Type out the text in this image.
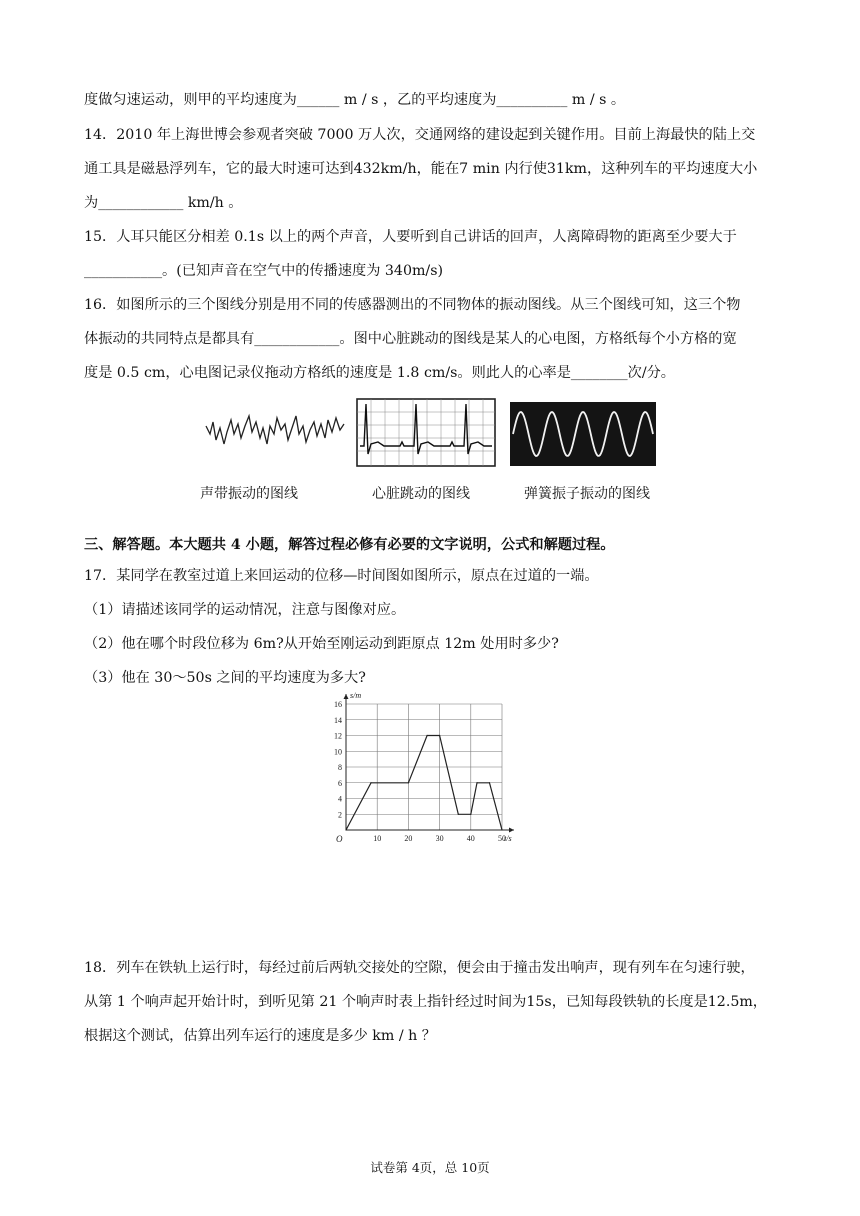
度做匀速运动，则甲的平均速度为______ m / s ，乙的平均速度为__________ m / s 。
14．2010 年上海世博会参观者突破 7000 万人次，交通网络的建设起到关键作用。目前上海最快的陆上交
通工具是磁悬浮列车，它的最大时速可达到432km/h，能在7 min 内行使31km，这种列车的平均速度大小
为____________ km/h 。
15．人耳只能区分相差 0.1s 以上的两个声音，人要听到自己讲话的回声，人离障碍物的距离至少要大于
___________。(已知声音在空气中的传播速度为 340m/s)
16．如图所示的三个图线分别是用不同的传感器测出的不同物体的振动图线。从三个图线可知，这三个物
体振动的共同特点是都具有____________。图中心脏跳动的图线是某人的心电图，方格纸每个小方格的宽
度是 0.5 cm，心电图记录仪拖动方格纸的速度是 1.8 cm/s。则此人的心率是________次/分。
声带振动的图线	心脏跳动的图线	弹簧振子振动的图线
三、解答题。本大题共 4 小题，解答过程必修有必要的文字说明，公式和解题过程。
17．某同学在教室过道上来回运动的位移—时间图如图所示，原点在过道的一端。
（1）请描述该同学的运动情况，注意与图像对应。
（2）他在哪个时段位移为 6m?从开始至刚运动到距原点 12m 处用时多少?
（3）他在 30～50s 之间的平均速度为多大?
10	20	30	40	50
2
4
6
8
10
12
14
16
s/m
t/s
O
18．列车在铁轨上运行时，每经过前后两轨交接处的空隙，便会由于撞击发出响声，现有列车在匀速行驶，
从第 1 个响声起开始计时，到听见第 21 个响声时表上指针经过时间为15s，已知每段铁轨的长度是12.5m，
根据这个测试，估算出列车运行的速度是多少 km / h ？
试卷第 4页，总 10页
